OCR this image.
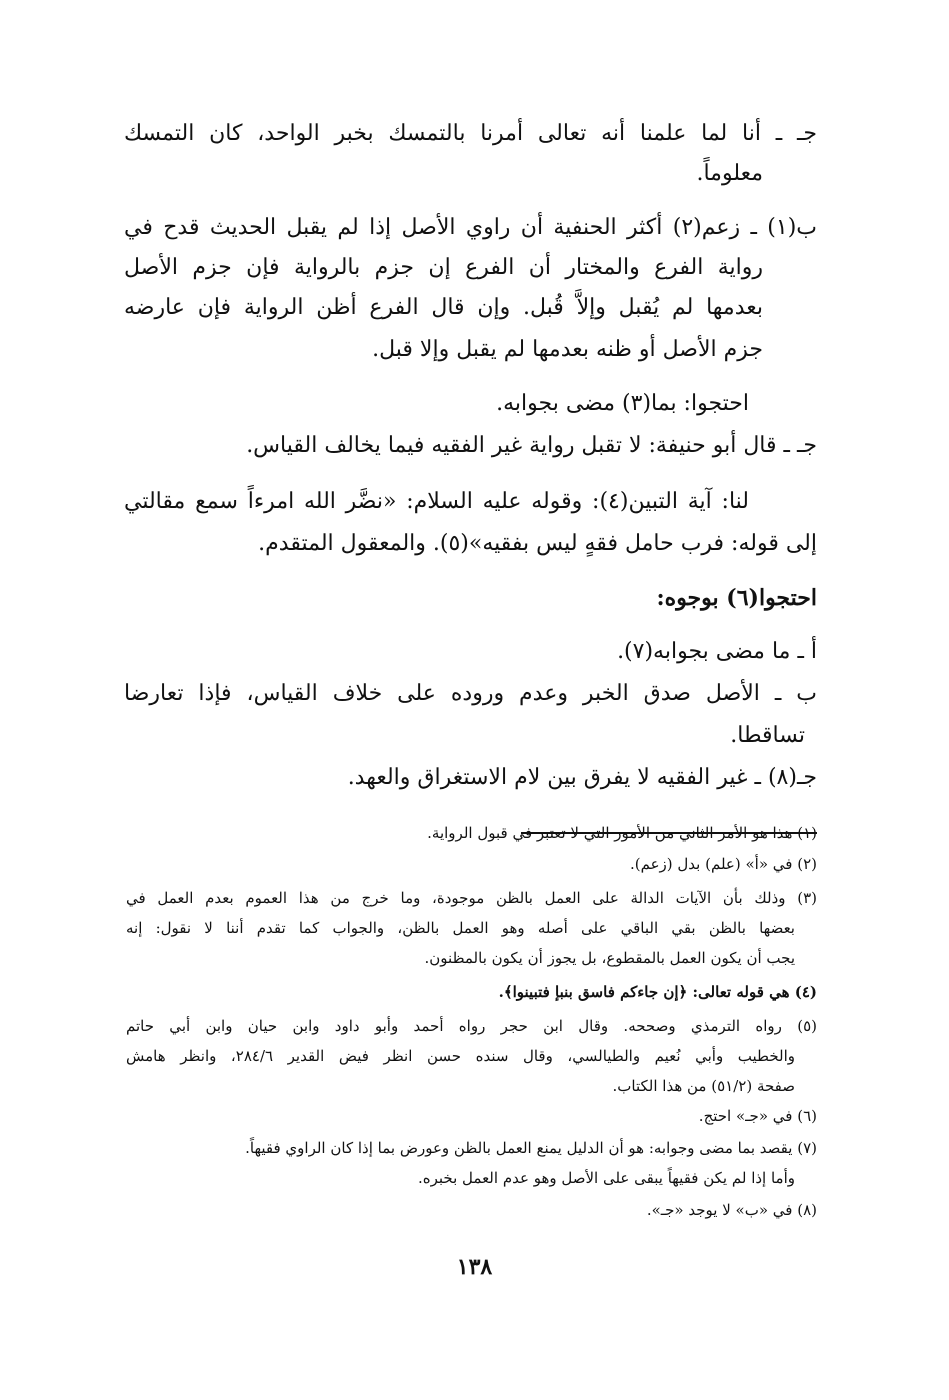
جـ ـ أنا لما علمنا أنه تعالى أمرنا بالتمسك بخبر الواحد، كان التمسك

معلوماً.

ب(١) ـ زعم(٢) أكثر الحنفية أن راوي الأصل إذا لم يقبل الحديث قدح في

رواية الفرع والمختار أن الفرع إن جزم بالرواية فإن جزم الأصل

بعدمها لم يُقبل وإلاَّ قُبل. وإن قال الفرع أظن الرواية فإن عارضه

جزم الأصل أو ظنه بعدمها لم يقبل وإلا قبل.

احتجوا: بما(٣) مضى بجوابه.

جـ ـ قال أبو حنيفة: لا تقبل رواية غير الفقيه فيما يخالف القياس.

لنا: آية التبين(٤): وقوله عليه السلام: «نضَّر الله امرءاً سمع مقالتي

إلى قوله: فرب حامل فقهٍ ليس بفقيه»(٥). والمعقول المتقدم.

احتجوا(٦) بوجوه:

أ ـ ما مضى بجوابه(٧).

ب ـ الأصل صدق الخبر وعدم وروده على خلاف القياس، فإذا تعارضا

تساقطا.

جـ(٨) ـ غير الفقيه لا يفرق بين لام الاستغراق والعهد.

(١) هذا هو الأمر الثاني من الأمور التي لا تعتبر في قبول الرواية.

(٢) في «أ» (علم) بدل (زعم).

(٣) وذلك بأن الآيات الدالة على العمل بالظن موجودة، وما خرج من هذا العموم بعدم العمل في

بعضها بالظن بقي الباقي على أصله وهو العمل بالظن، والجواب كما تقدم أننا لا نقول: إنه

يجب أن يكون العمل بالمقطوع، بل يجوز أن يكون بالمظنون.

(٤) هي قوله تعالى: ﴿إن جاءكم فاسق بنبإ فتبينوا﴾.

(٥) رواه الترمذي وصححه. وقال ابن حجر رواه أحمد وأبو داود وابن حيان وابن أبي حاتم

والخطيب وأبي نُعيم والطيالسي، وقال سنده حسن انظر فيض القدير ٢٨٤/٦، وانظر هامش

صفحة (٥١/٢) من هذا الكتاب.

(٦) في «جـ» احتج.

(٧) يقصد بما مضى وجوابه: هو أن الدليل يمنع العمل بالظن وعورض بما إذا كان الراوي فقيهاً.

وأما إذا لم يكن فقيهاً يبقى على الأصل وهو عدم العمل بخبره.

(٨) في «ب» لا يوجد «جـ».

١٣٨
